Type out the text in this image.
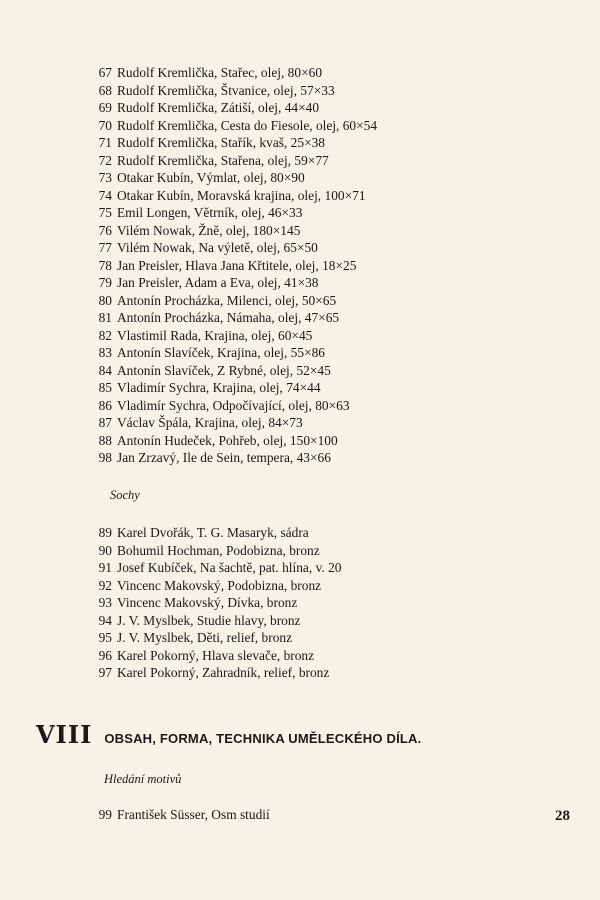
67 Rudolf Kremlička, Stařec, olej, 80×60
68 Rudolf Kremlička, Štvanice, olej, 57×33
69 Rudolf Kremlička, Zátiší, olej, 44×40
70 Rudolf Kremlička, Cesta do Fiesole, olej, 60×54
71 Rudolf Kremlička, Stařík, kvaš, 25×38
72 Rudolf Kremlička, Stařena, olej, 59×77
73 Otakar Kubín, Výmlat, olej, 80×90
74 Otakar Kubín, Moravská krajina, olej, 100×71
75 Emil Longen, Větrník, olej, 46×33
76 Vilém Nowak, Žně, olej, 180×145
77 Vilém Nowak, Na výletě, olej, 65×50
78 Jan Preisler, Hlava Jana Křtitele, olej, 18×25
79 Jan Preisler, Adam a Eva, olej, 41×38
80 Antonín Procházka, Milenci, olej, 50×65
81 Antonín Procházka, Námaha, olej, 47×65
82 Vlastimil Rada, Krajina, olej, 60×45
83 Antonín Slavíček, Krajina, olej, 55×86
84 Antonín Slavíček, Z Rybné, olej, 52×45
85 Vladimír Sychra, Krajina, olej, 74×44
86 Vladimír Sychra, Odpočívající, olej, 80×63
87 Václav Špála, Krajina, olej, 84×73
88 Antonín Hudeček, Pohřeb, olej, 150×100
98 Jan Zrzavý, Ile de Sein, tempera, 43×66
Sochy
89 Karel Dvořák, T. G. Masaryk, sádra
90 Bohumil Hochman, Podobizna, bronz
91 Josef Kubíček, Na šachtě, pat. hlína, v. 20
92 Vincenc Makovský, Podobizna, bronz
93 Vincenc Makovský, Dívka, bronz
94 J. V. Myslbek, Studie hlavy, bronz
95 J. V. Myslbek, Děti, relief, bronz
96 Karel Pokorný, Hlava slevače, bronz
97 Karel Pokorný, Zahradník, relief, bronz
VIII OBSAH, FORMA, TECHNIKA UMĚLECKÉHO DÍLA.
Hledání motivů
99 František Süsser, Osm studií	28
